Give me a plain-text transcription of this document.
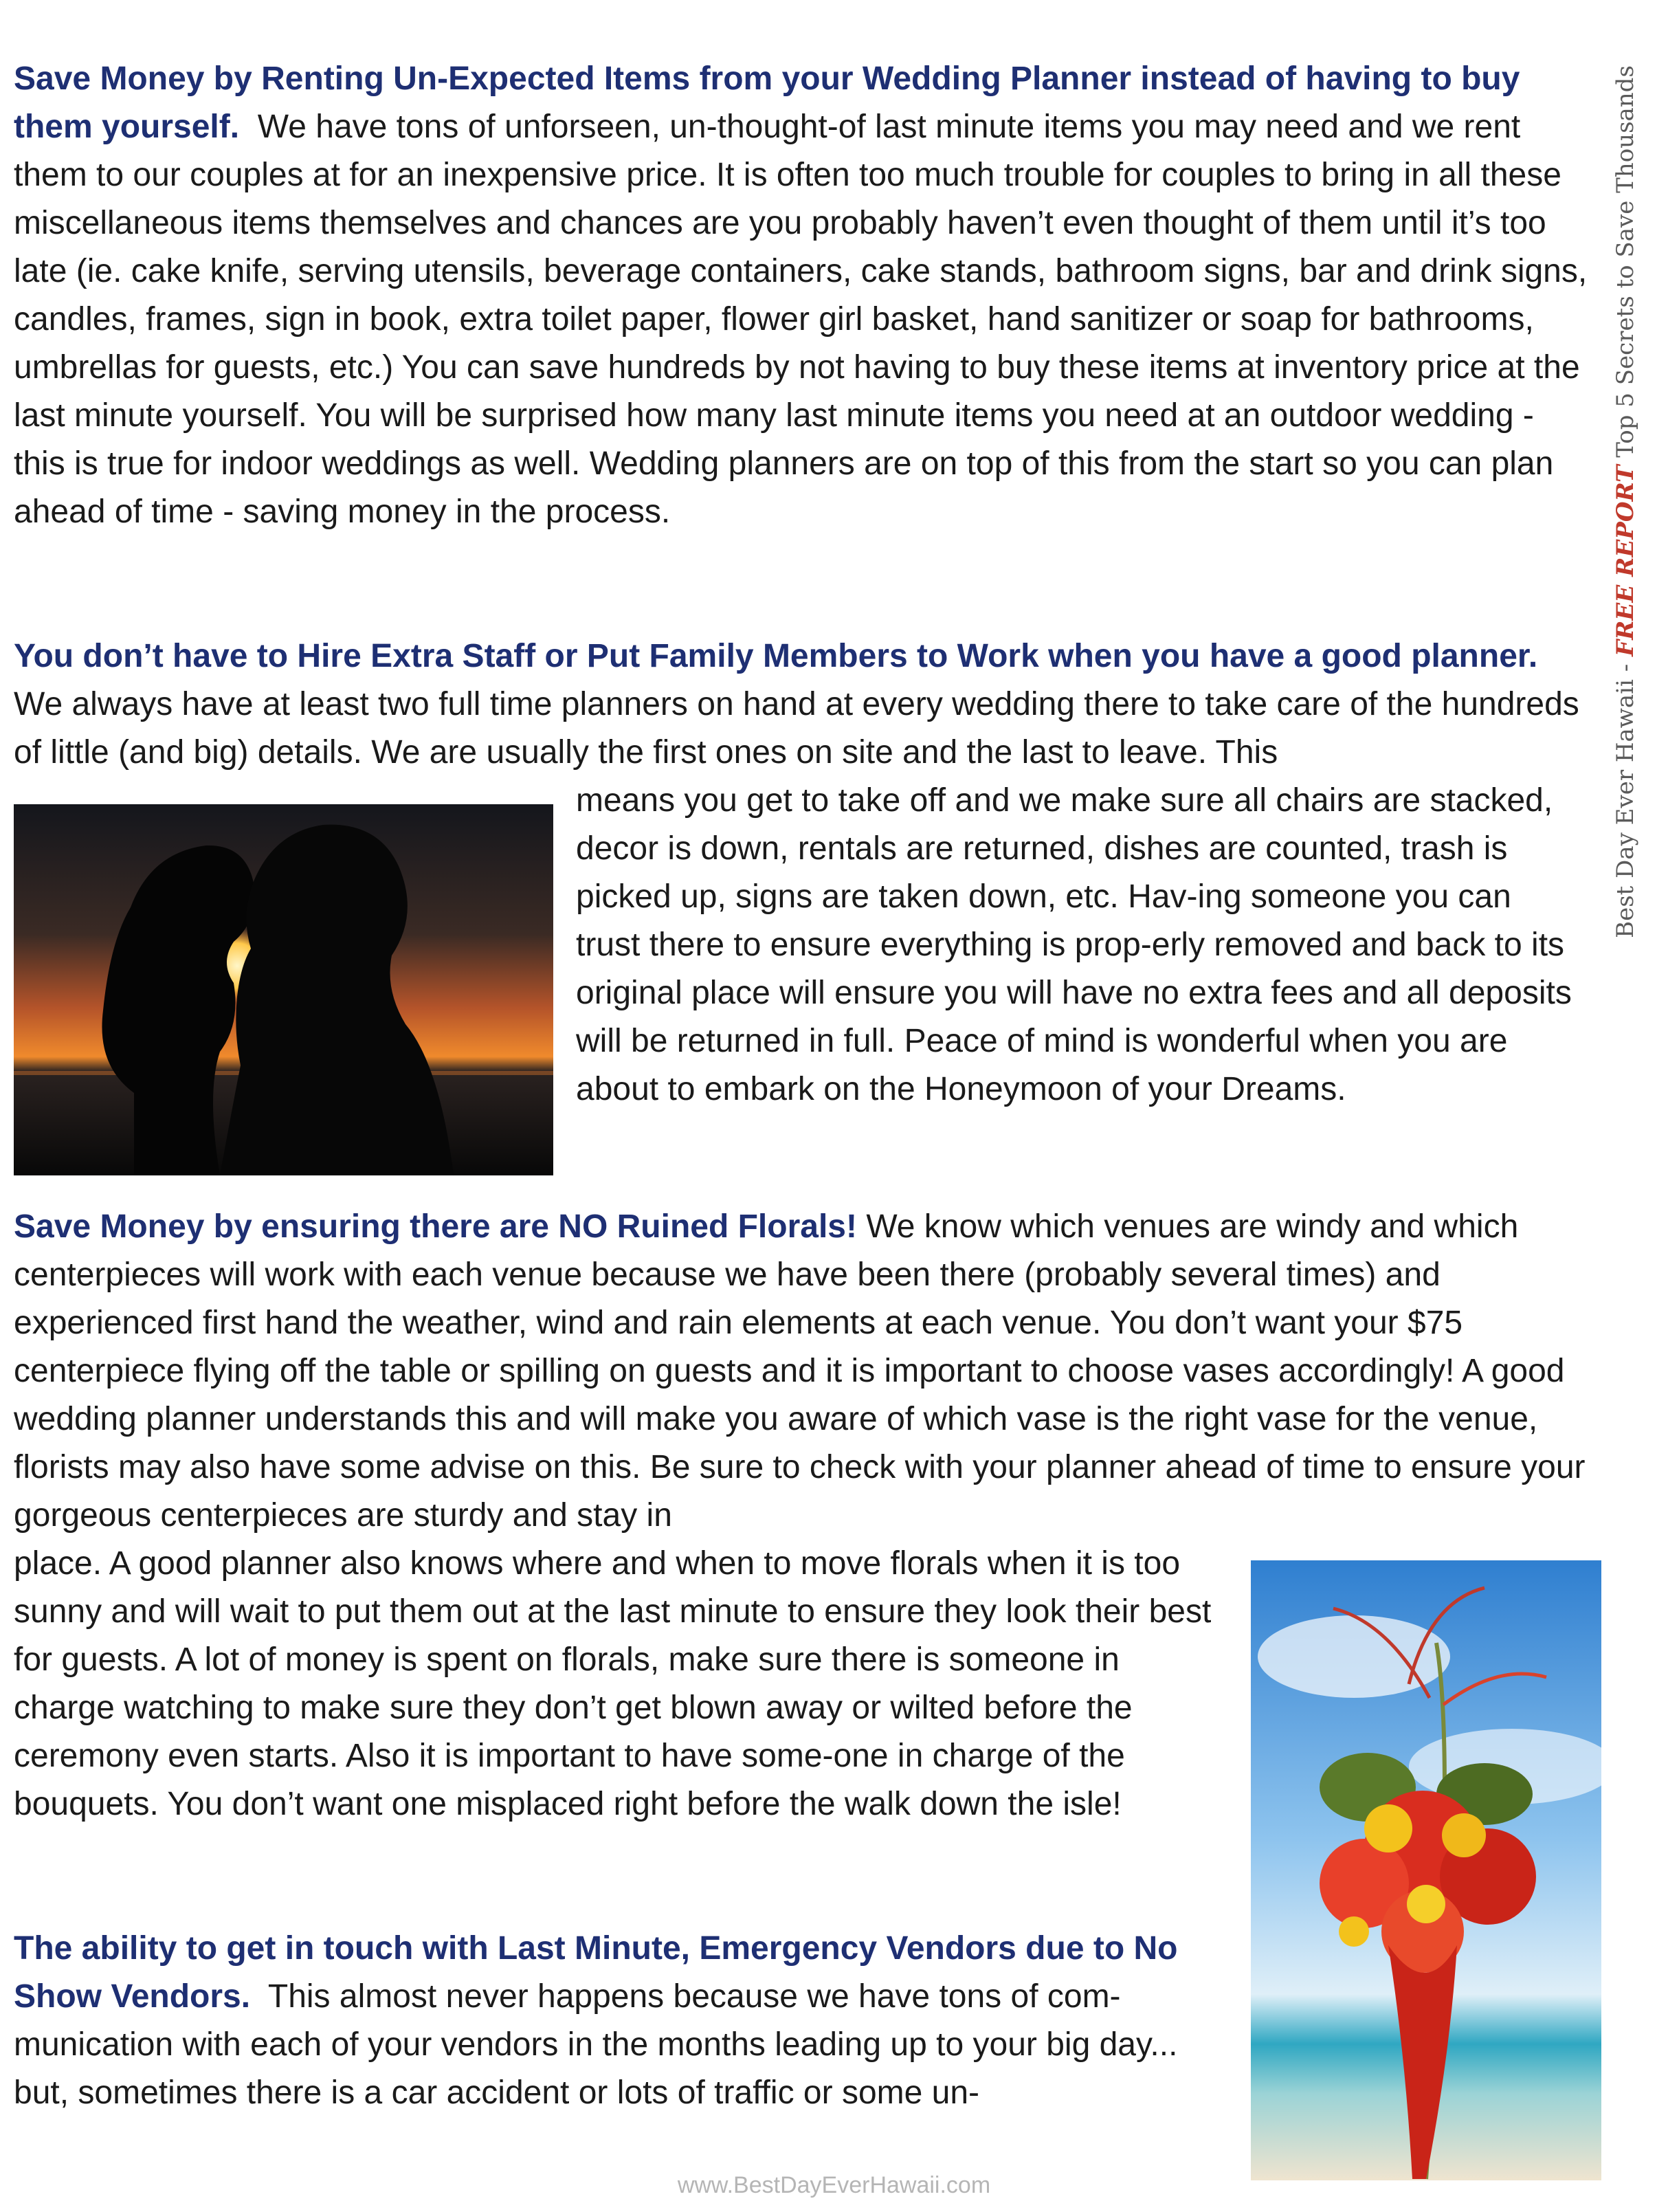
Save Money by Renting Un-Expected Items from your Wedding Planner instead of having to buy them yourself. We have tons of unforseen, un-thought-of last minute items you may need and we rent them to our couples at for an inexpensive price. It is often too much trouble for couples to bring in all these miscellaneous items themselves and chances are you probably haven’t even thought of them until it’s too late (ie. cake knife, serving utensils, beverage containers, cake stands, bathroom signs, bar and drink signs, candles, frames, sign in book, extra toilet paper, flower girl basket, hand sanitizer or soap for bathrooms, umbrellas for guests, etc.) You can save hundreds by not having to buy these items at inventory price at the last minute yourself. You will be surprised how many last minute items you need at an outdoor wedding - this is true for indoor weddings as well. Wedding planners are on top of this from the start so you can plan ahead of time - saving money in the process.

You don’t have to Hire Extra Staff or Put Family Members to Work when you have a good planner. We always have at least two full time planners on hand at every wedding there to take care of the hundreds of little (and big) details. We are usually the first ones on site and the last to leave. This

means you get to take off and we make sure all chairs are stacked, decor is down, rentals are returned, dishes are counted, trash is picked up, signs are taken down, etc. Hav-ing someone you can trust there to ensure everything is prop-erly removed and back to its original place will ensure you will have no extra fees and all deposits will be returned in full. Peace of mind is wonderful when you are about to embark on the Honeymoon of your Dreams.

Save Money by ensuring there are NO Ruined Florals! We know which venues are windy and which centerpieces will work with each venue because we have been there (probably several times) and experienced first hand the weather, wind and rain elements at each venue. You don’t want your $75 centerpiece flying off the table or spilling on guests and it is important to choose vases accordingly! A good wedding planner understands this and will make you aware of which vase is the right vase for the venue, florists may also have some advise on this. Be sure to check with your planner ahead of time to ensure your gorgeous centerpieces are sturdy and stay in

place. A good planner also knows where and when to move florals when it is too sunny and will wait to put them out at the last minute to ensure they look their best for guests. A lot of money is spent on florals, make sure there is someone in charge watching to make sure they don’t get blown away or wilted before the ceremony even starts. Also it is important to have some-one in charge of the bouquets. You don’t want one misplaced right before the walk down the isle!

The ability to get in touch with Last Minute, Emergency Vendors due to No Show Vendors. This almost never happens because we have tons of com-munication with each of your vendors in the months leading up to your big day... but, sometimes there is a car accident or lots of traffic or some un-

Best Day Ever Hawaii - FREE REPORT Top 5 Secrets to Save Thousands
www.BestDayEverHawaii.com
